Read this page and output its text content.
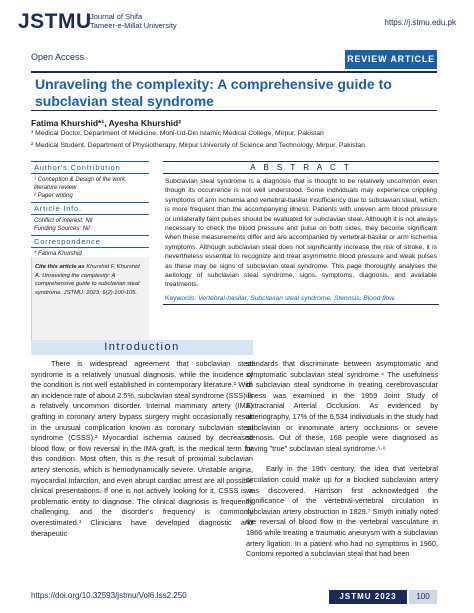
JSTMU
Journal of Shifa
Tameer-e-Millat University	https://j.stmu.edu.pk
Open Access	REVIEW ARTICLE
Unraveling the complexity: A comprehensive guide to subclavian steal syndrome
Fatima Khurshid*¹, Ayesha Khurshid²
¹ Medical Doctor, Department of Medicine, Mohi-Ud-Din Islamic Medical College, Mirpur, Pakistan
² Medical Student, Department of Physiotherapy, Mirpur University of Science and Technology, Mirpur, Pakistan
Author's Contribution
¹ Conception & Design of the work, literature review
² Paper writing
Article Info.
Conflict of interest: Nil
Funding Sources: Nil
Correspondence
* Fatima Khurshid
Cite this article as Khurshid F, Khurshid A. Unraveling the complexity: A comprehensive guide to subclavian steal syndrome. JSTMU. 2023; 6(2):100-105.
A B S T R A C T
Subclavian steal syndrome is a diagnosis that is thought to be relatively uncommon even though its occurrence is not well understood. Some individuals may experience crippling symptoms of arm ischemia and vertebral-basilar insufficiency due to subclavian steal, which is more frequent than the accompanying illness. Patients with uneven arm blood pressure or unilaterally faint pulses should be evaluated for subclavian steal. Although it is not always necessary to check the blood pressure and pulse on both sides, they become significant when these measurements differ and are accompanied by vertebral-basilar or arm ischemia symptoms. Although subclavian steal does not significantly increase the risk of stroke, it is nevertheless essential to recognize and treat asymmetric blood pressure and weak pulses as these may be signs of subclavian steal syndrome. This page thoroughly analyses the aetiology of subclavian steal syndrome, signs, symptoms, diagnosis, and available treatments.
Keywords: Vertebral-basilar, Subclavian steal syndrome, Stenosis, Blood flow.
Introduction

There is widespread agreement that subclavian steal syndrome is a relatively unusual diagnosis, while the incidence of the condition is not well established in contemporary literature.¹ With an incidence rate of about 2.5%, subclavian steal syndrome (SSS) is a relatively uncommon disorder. Internal mammary artery (IMA) grafting in coronary artery bypass surgery might occasionally result in the unusual complication known as coronary subclavian steal syndrome (CSSS).² Myocardial ischemia caused by decreased blood flow, or flow reversal in the IMA graft, is the medical term for this condition. Most often, this is the result of proximal subclavian artery stenosis, which is hemodynamically severe. Unstable angina, myocardial Infarction, and even abrupt cardiac arrest are all possible clinical presentations. If one is not actively looking for it, CSSS is a problematic entity to diagnose. The clinical diagnosis is frequently challenging, and the disorder's frequency is commonly overestimated.³ Clinicians have developed diagnostic and therapeutic

standards that discriminate between asymptomatic and symptomatic subclavian steal syndrome.⁴ The usefulness of subclavian steal syndrome in treating cerebrovascular illness was examined in the 1959 Joint Study of Extracranial Arterial Occlusion. As evidenced by arteriography, 17% of the 6,534 individuals in the study had subclavian or innominate artery occlusions or severe stenosis. Out of these, 168 people were diagnosed as having "true" subclavian steal syndrome.⁵·⁶

Early in the 19th century, the idea that vertebral circulation could make up for a blocked subclavian artery was discovered. Harrison first acknowledged the significance of the vertebral-vertebral circulation in subclavian artery obstruction in 1829.⁷ Smyth initially noted the reversal of blood flow in the vertebral vasculature in 1866 while treating a traumatic aneurysm with a subclavian artery ligation. In a patient who had no symptoms in 1960, Contorni reported a subclavian steal that had been

https://doi.org/10.32593/jstmu/Vol6.Iss2.250	JSTMU 2023	100
